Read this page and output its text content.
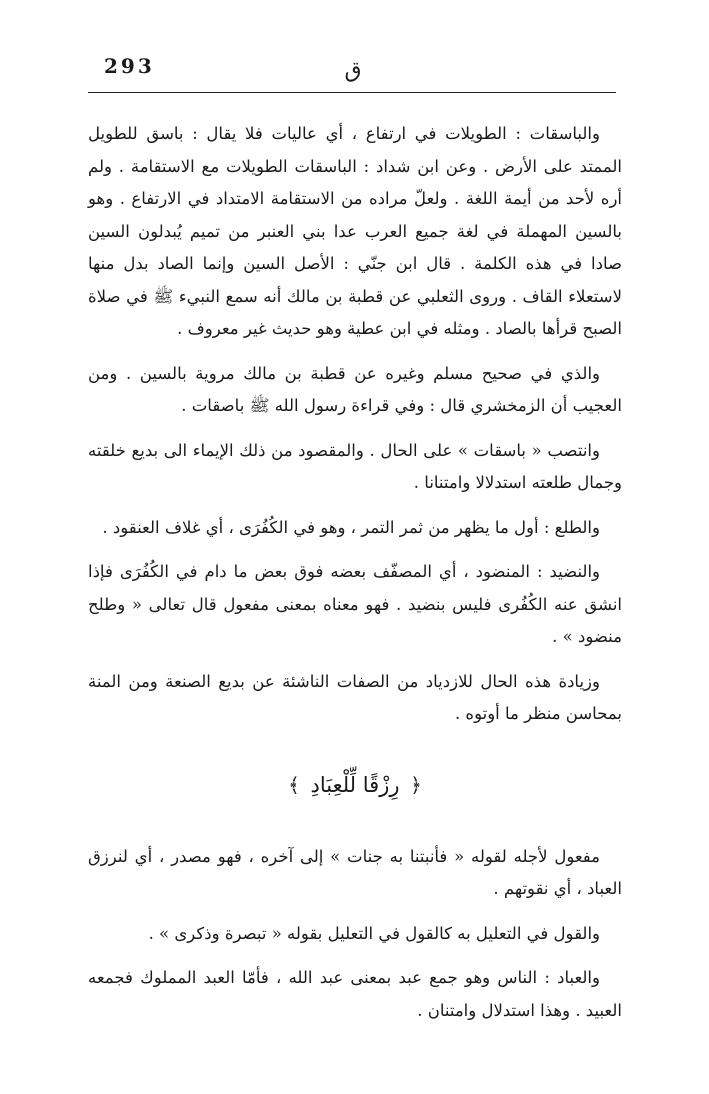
293	ق

والباسقات : الطويلات في ارتفاع ، أي عاليات فلا يقال : باسق للطويل الممتد على الأرض . وعن ابن شداد : الباسقات الطويلات مع الاستقامة . ولم أره لأحد من أيمة اللغة . ولعلّ مراده من الاستقامة الامتداد في الارتفاع . وهو بالسين المهملة في لغة جميع العرب عدا بني العنبر من تميم يُبدلون السين صادا في هذه الكلمة . قال ابن جنّي : الأصل السين وإنما الصاد بدل منها لاستعلاء القاف . وروى الثعلبي عن قطبة بن مالك أنه سمع النبيء ﷺ في صلاة الصبح قرأها بالصاد . ومثله في ابن عطية وهو حديث غير معروف .

والذي في صحيح مسلم وغيره عن قطبة بن مالك مروية بالسين . ومن العجيب أن الزمخشري قال : وفي قراءة رسول الله ﷺ باصقات .

وانتصب « باسقات » على الحال . والمقصود من ذلك الإيماء الى بديع خلقته وجمال طلعته استدلالا وامتنانا .

والطلع : أول ما يظهر من ثمر التمر ، وهو في الكُفُرَى ، أي غلاف العنقود .

والنضيد : المنضود ، أي المصفّف بعضه فوق بعض ما دام في الكُفُرَى فإذا انشق عنه الكُفُرى فليس بنضيد . فهو معناه بمعنى مفعول قال تعالى « وطلح منضود » .

وزيادة هذه الحال للازدياد من الصفات الناشئة عن بديع الصنعة ومن المنة بمحاسن منظر ما أوتوه .

﴿ رِزْقًا لِّلْعِبَادِ ﴾

مفعول لأجله لقوله « فأنبتنا به جنات » إلى آخره ، فهو مصدر ، أي لنرزق العباد ، أي نقوتهم .

والقول في التعليل به كالقول في التعليل بقوله « تبصرة وذكرى » .

والعباد : الناس وهو جمع عبد بمعنى عبد الله ، فأمّا العبد المملوك فجمعه العبيد . وهذا استدلال وامتنان .
